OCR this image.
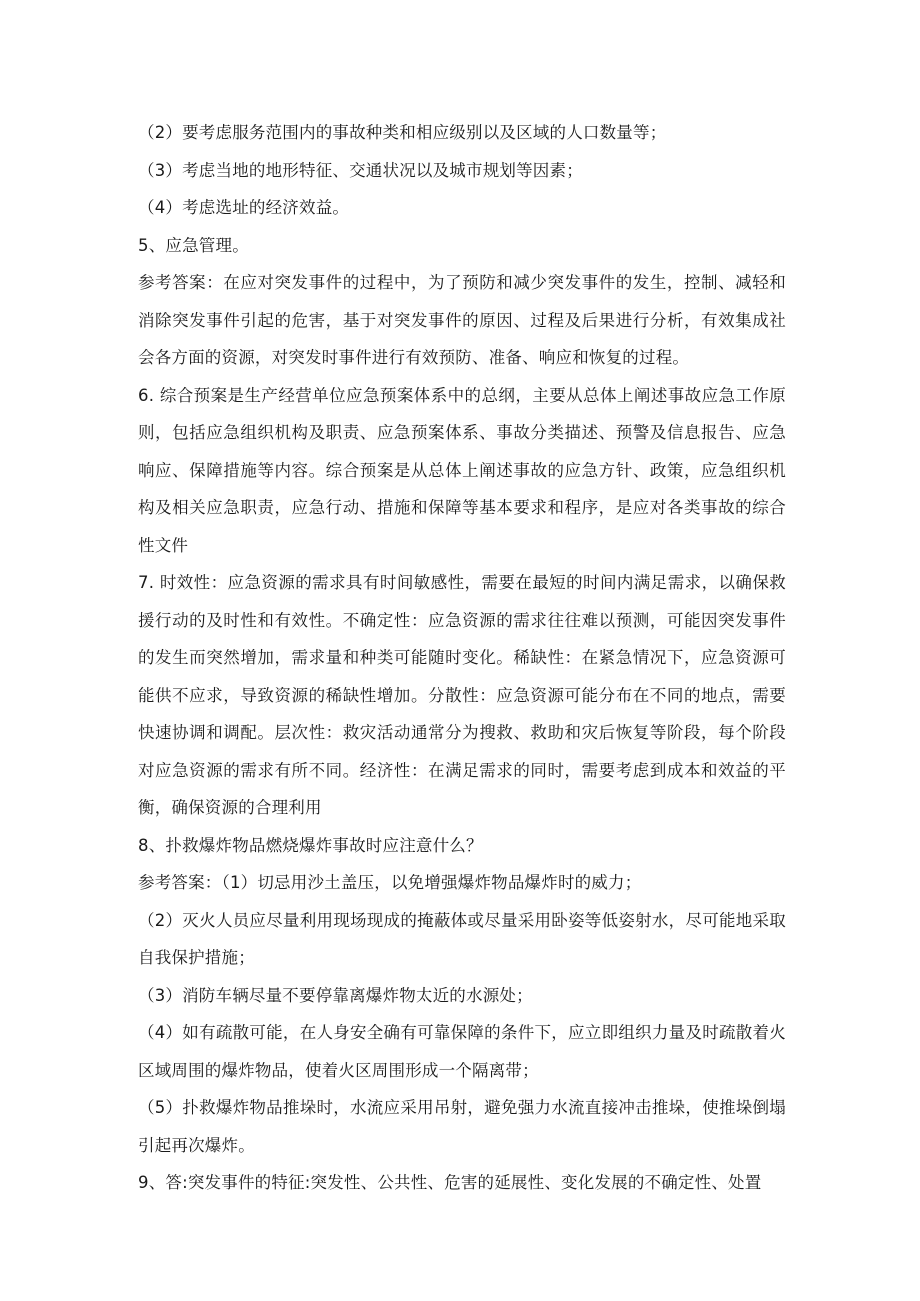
（2）要考虑服务范围内的事故种类和相应级别以及区域的人口数量等；

（3）考虑当地的地形特征、交通状况以及城市规划等因素；

（4）考虑选址的经济效益。

5、应急管理。

参考答案：在应对突发事件的过程中，为了预防和减少突发事件的发生，控制、减轻和消除突发事件引起的危害，基于对突发事件的原因、过程及后果进行分析，有效集成社会各方面的资源，对突发时事件进行有效预防、准备、响应和恢复的过程。

6. 综合预案是生产经营单位应急预案体系中的总纲，主要从总体上阐述事故应急工作原则，包括应急组织机构及职责、应急预案体系、事故分类描述、预警及信息报告、应急响应、保障措施等内容。综合预案是从总体上阐述事故的应急方针、政策，应急组织机构及相关应急职责，应急行动、措施和保障等基本要求和程序，是应对各类事故的综合性文件

7. 时效性：应急资源的需求具有时间敏感性，需要在最短的时间内满足需求，以确保救援行动的及时性和有效性。不确定性：应急资源的需求往往难以预测，可能因突发事件的发生而突然增加，需求量和种类可能随时变化。稀缺性：在紧急情况下，应急资源可能供不应求，导致资源的稀缺性增加。分散性：应急资源可能分布在不同的地点，需要快速协调和调配。层次性：救灾活动通常分为搜救、救助和灾后恢复等阶段，每个阶段对应急资源的需求有所不同。经济性：在满足需求的同时，需要考虑到成本和效益的平衡，确保资源的合理利用

8、扑救爆炸物品燃烧爆炸事故时应注意什么？

参考答案：（1）切忌用沙土盖压，以免增强爆炸物品爆炸时的威力；

（2）灭火人员应尽量利用现场现成的掩蔽体或尽量采用卧姿等低姿射水，尽可能地采取自我保护措施；

（3）消防车辆尽量不要停靠离爆炸物太近的水源处；

（4）如有疏散可能，在人身安全确有可靠保障的条件下，应立即组织力量及时疏散着火区域周围的爆炸物品，使着火区周围形成一个隔离带；

（5）扑救爆炸物品推垛时，水流应采用吊射，避免强力水流直接冲击推垛，使推垛倒塌引起再次爆炸。

9、答:突发事件的特征:突发性、公共性、危害的延展性、变化发展的不确定性、处置
